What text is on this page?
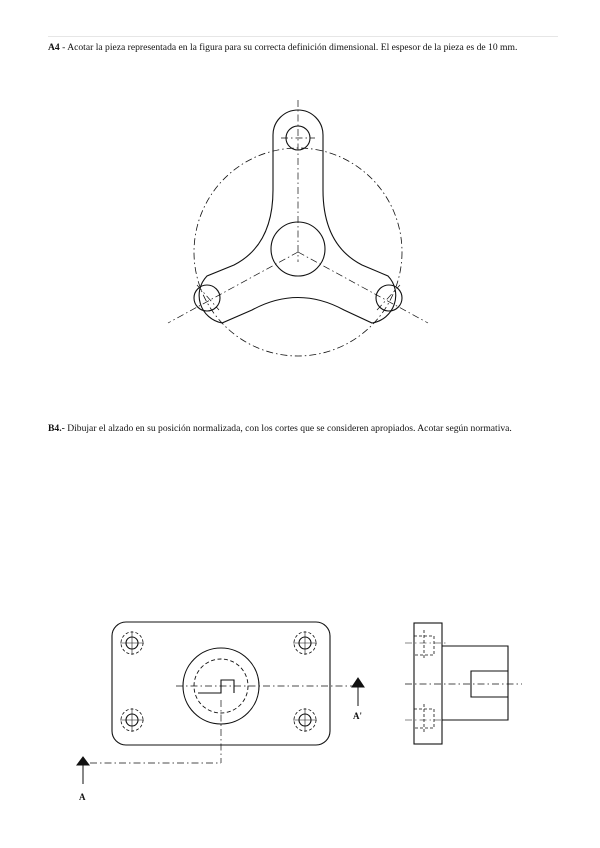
A4 - Acotar la pieza representada en la figura para su correcta definición dimensional. El espesor de la pieza es de 10 mm.
B4.- Dibujar el alzado en su posición normalizada, con los cortes que se consideren apropiados. Acotar según normativa.
A'
A
